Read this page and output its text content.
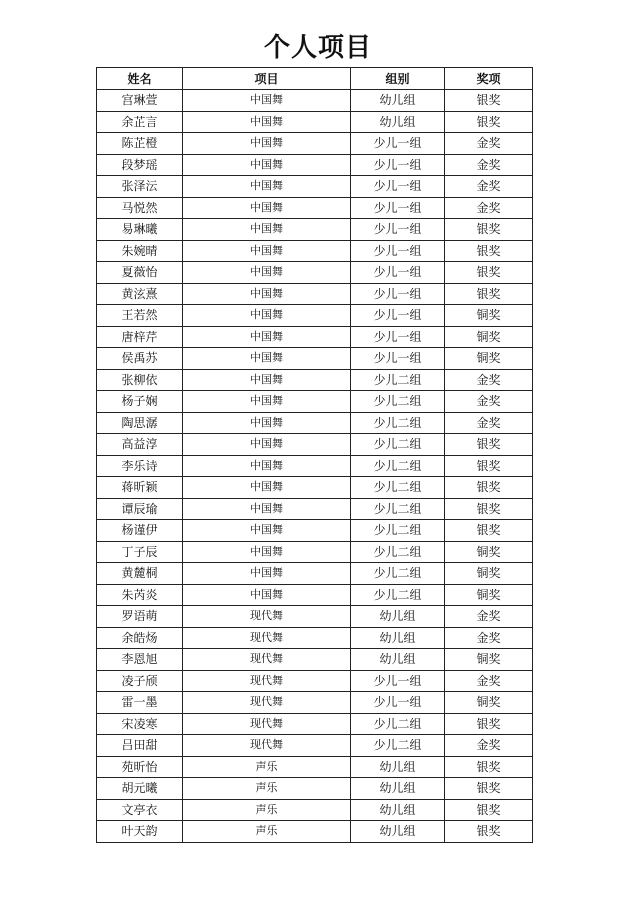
个人项目
姓名	项目	组别	奖项
宫琳萱	中国舞	幼儿组	银奖
余芷言	中国舞	幼儿组	银奖
陈芷橙	中国舞	少儿一组	金奖
段梦瑶	中国舞	少儿一组	金奖
张泽沄	中国舞	少儿一组	金奖
马悦然	中国舞	少儿一组	金奖
易琳曦	中国舞	少儿一组	银奖
朱婉晴	中国舞	少儿一组	银奖
夏薇怡	中国舞	少儿一组	银奖
黄泫熹	中国舞	少儿一组	银奖
王若然	中国舞	少儿一组	铜奖
唐梓芹	中国舞	少儿一组	铜奖
侯禹苏	中国舞	少儿一组	铜奖
张柳依	中国舞	少儿二组	金奖
杨子娴	中国舞	少儿二组	金奖
陶思潺	中国舞	少儿二组	金奖
高益淳	中国舞	少儿二组	银奖
李乐诗	中国舞	少儿二组	银奖
蒋昕颖	中国舞	少儿二组	银奖
谭辰瑜	中国舞	少儿二组	银奖
杨谨伊	中国舞	少儿二组	银奖
丁子辰	中国舞	少儿二组	铜奖
黄麓桐	中国舞	少儿二组	铜奖
朱芮炎	中国舞	少儿二组	铜奖
罗语萌	现代舞	幼儿组	金奖
余皓炀	现代舞	幼儿组	金奖
李恩旭	现代舞	幼儿组	铜奖
凌子颀	现代舞	少儿一组	金奖
雷一墨	现代舞	少儿一组	铜奖
宋凌寒	现代舞	少儿二组	银奖
吕田甜	现代舞	少儿二组	金奖
苑昕怡	声乐	幼儿组	银奖
胡元曦	声乐	幼儿组	银奖
文亭衣	声乐	幼儿组	银奖
叶天韵	声乐	幼儿组	银奖
